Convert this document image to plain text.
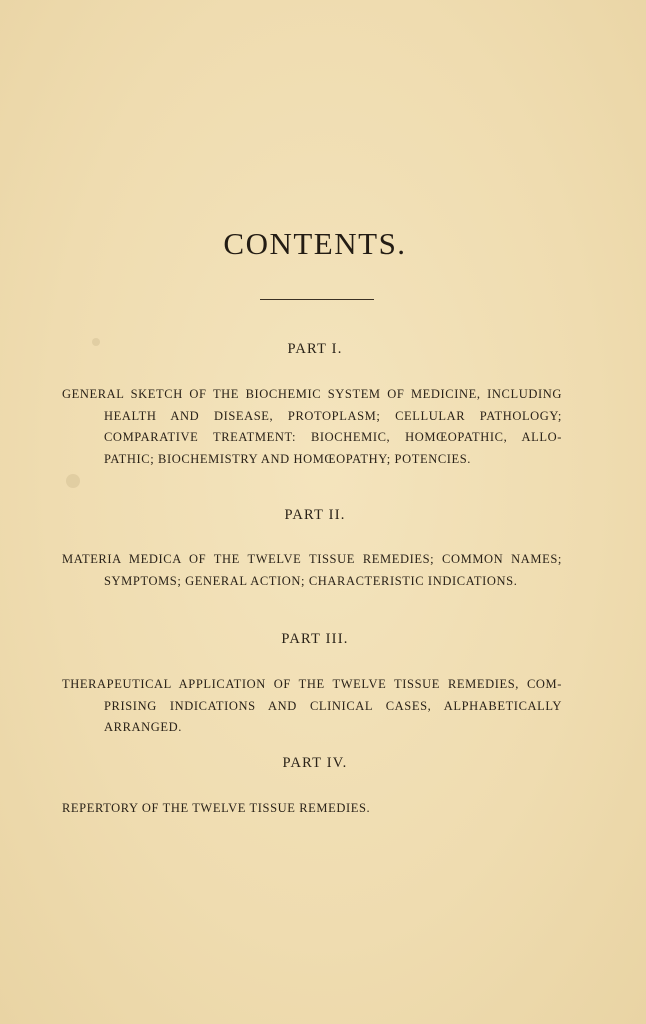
CONTENTS.
PART I.
GENERAL SKETCH OF THE BIOCHEMIC SYSTEM OF MEDICINE, INCLUDING
HEALTH AND DISEASE, PROTOPLASM; CELLULAR PATHOLOGY;
COMPARATIVE TREATMENT: BIOCHEMIC, HOMŒOPATHIC, ALLO-
PATHIC; BIOCHEMISTRY AND HOMŒOPATHY; POTENCIES.
PART II.
MATERIA MEDICA OF THE TWELVE TISSUE REMEDIES; COMMON NAMES;
SYMPTOMS; GENERAL ACTION; CHARACTERISTIC INDICATIONS.
PART III.
THERAPEUTICAL APPLICATION OF THE TWELVE TISSUE REMEDIES, COM-
PRISING INDICATIONS AND CLINICAL CASES, ALPHABETICALLY
ARRANGED.
PART IV.
REPERTORY OF THE TWELVE TISSUE REMEDIES.
